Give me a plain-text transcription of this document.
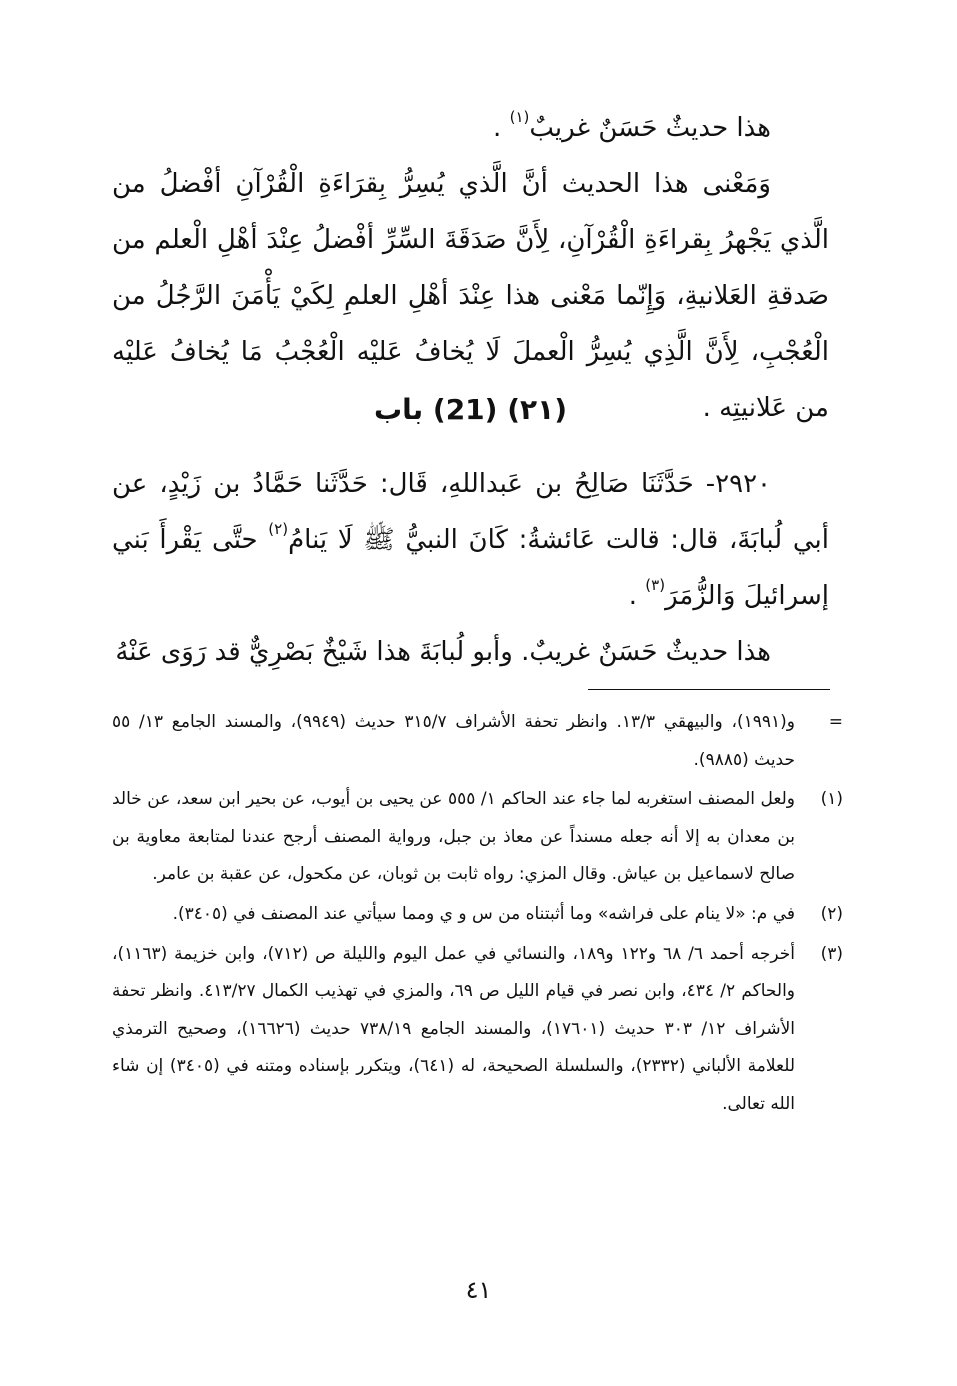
هذا حديثٌ حَسَنٌ غريبٌ$^{(١)}$ .

وَمَعْنى هذا الحديث أنَّ الَّذي يُسِرُّ بِقرَاءَةِ الْقُرْآنِ أفْضلُ من الَّذي يَجْهرُ بِقراءَةِ الْقُرْآنِ، لِأَنَّ صَدَقَةَ السِّرِّ أفْضلُ عِنْدَ أهْلِ الْعلم من صَدقةِ العَلانيةِ، وَإِنّما مَعْنى هذا عِنْدَ أهْلِ العلمِ لِكَيْ يَأْمَنَ الرَّجُلُ من الْعُجْبِ، لِأَنَّ الَّذِي يُسِرُّ الْعملَ لَا يُخافُ عَليْه الْعُجْبُ مَا يُخافُ عَليْه من عَلانيتِه .

(٢١) (21) باب

٢٩٢٠- حَدَّثَنَا صَالِحُ بن عَبداللهِ، قَال: حَدَّثَنا حَمَّادُ بن زَيْدٍ، عن أبي لُبابَةَ، قال: قالت عَائشةُ: كَانَ النبيُّ ﷺ لَا يَنامُ$^{(٢)}$ حتَّى يَقْرأَ بَني إسرائيلَ وَالزُّمَرَ$^{(٣)}$ .

هذا حديثٌ حَسَنٌ غريبٌ. وأبو لُبابَةَ هذا شَيْخٌ بَصْرِيٌّ قد رَوَى عَنْهُ

=
و(١٩٩١)، والبيهقي ١٣/٣. وانظر تحفة الأشراف ٣١٥/٧ حديث (٩٩٤٩)، والمسند الجامع ١٣/ ٥٥ حديث (٩٨٨٥).
(١)
ولعل المصنف استغربه لما جاء عند الحاكم ١/ ٥٥٥ عن يحيى بن أيوب، عن بحير ابن سعد، عن خالد بن معدان به إلا أنه جعله مسنداً عن معاذ بن جبل، ورواية المصنف أرجح عندنا لمتابعة معاوية بن صالح لاسماعيل بن عياش. وقال المزي: رواه ثابت بن ثوبان، عن مكحول، عن عقبة بن عامر.
(٢)
في م: «لا ينام على فراشه» وما أثبتناه من س و ي ومما سيأتي عند المصنف في (٣٤٠٥).
(٣)
أخرجه أحمد ٦/ ٦٨ و١٢٢ و١٨٩، والنسائي في عمل اليوم والليلة ص (٧١٢)، وابن خزيمة (١١٦٣)، والحاكم ٢/ ٤٣٤، وابن نصر في قيام الليل ص ٦٩، والمزي في تهذيب الكمال ٤١٣/٢٧. وانظر تحفة الأشراف ١٢/ ٣٠٣ حديث (١٧٦٠١)، والمسند الجامع ٧٣٨/١٩ حديث (١٦٦٢٦)، وصحيح الترمذي للعلامة الألباني (٢٣٣٢)، والسلسلة الصحيحة، له (٦٤١)، ويتكرر بإسناده ومتنه في (٣٤٠٥) إن شاء الله تعالى.
٤١
